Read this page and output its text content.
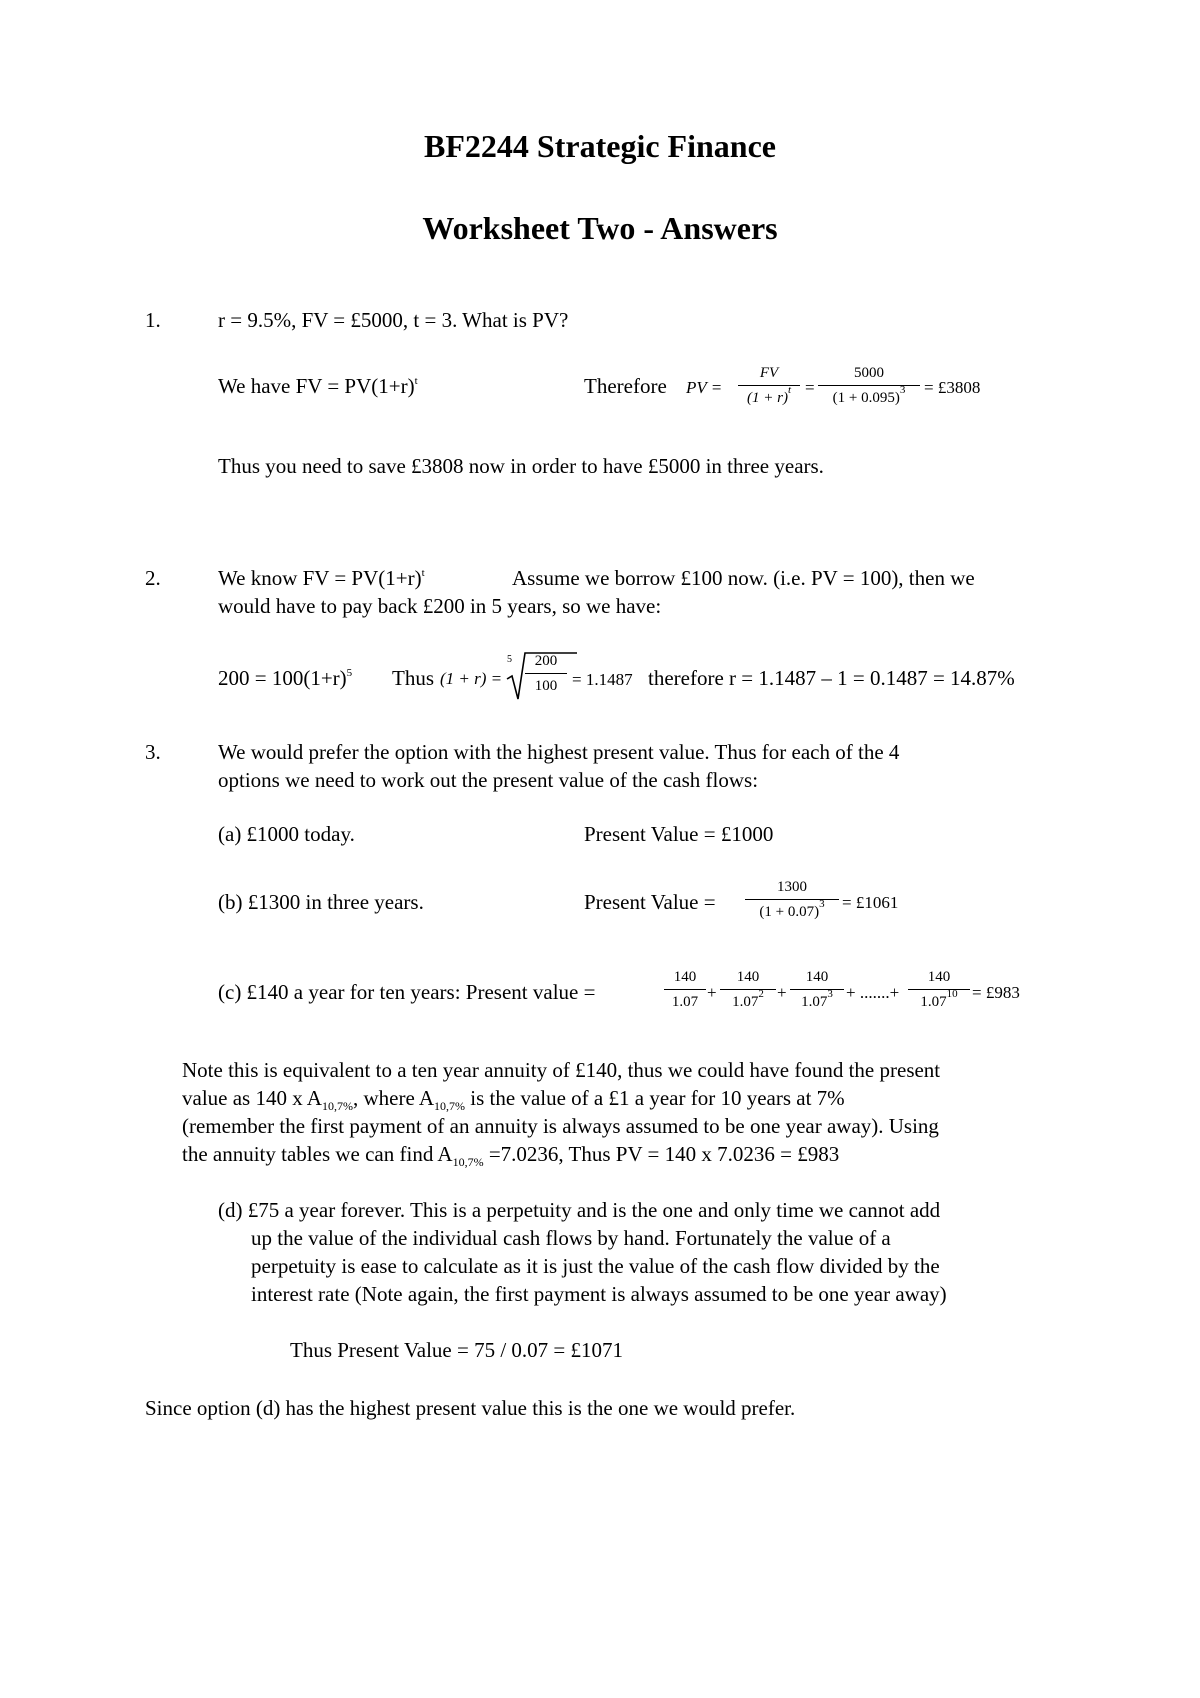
BF2244 Strategic Finance
Worksheet Two - Answers
1.	r = 9.5%, FV = £5000, t = 3. What is PV?
We have FV = $PV(1+r)^t$	Therefore PV = $\frac{FV}{(1 + r)^t} = \frac{5000}{(1 + 0.095)^3}$ = £3808
Thus you need to save £3808 now in order to have £5000 in three years.
2.	We know FV = $PV(1+r)^t$	Assume we borrow £100 now. (i.e. PV = 100), then we
would have to pay back £200 in 5 years, so we have:
$200 = 100(1+r)^5$ Thus (1 + r) =
$5 \frac{200}{100} = 1.1487$ therefore r = 1.1487 – 1 = 0.1487 = 14.87%
3.	We would prefer the option with the highest present value. Thus for each of the 4
options we need to work out the present value of the cash flows:
(a) £1000 today.	Present Value = £1000
(b) £1300 in three years.	Present Value = $\frac{1300}{(1 + 0.07)^3}$ = £1061
(c) £140 a year for ten years: Present value =	$\frac{140}{1.07} + \frac{140}{1.07^2} + \frac{140}{1.07^3}$ + .......+ $\frac{140}{1.07^{10}}$ = £983
Note this is equivalent to a ten year annuity of £140, thus we could have found the present
value as 140 x $A_{10,7\%}$, where $A_{10,7\%}$ is the value of a £1 a year for 10 years at 7%
(remember the first payment of an annuity is always assumed to be one year away). Using
the annuity tables we can find $A_{10,7\%} =7.0236$, Thus PV = 140 x 7.0236 = £983
(d) £75 a year forever. This is a perpetuity and is the one and only time we cannot add
up the value of the individual cash flows by hand. Fortunately the value of a
perpetuity is ease to calculate as it is just the value of the cash flow divided by the
interest rate (Note again, the first payment is always assumed to be one year away)
Thus Present Value = 75 / 0.07 = £1071
Since option (d) has the highest present value this is the one we would prefer.
